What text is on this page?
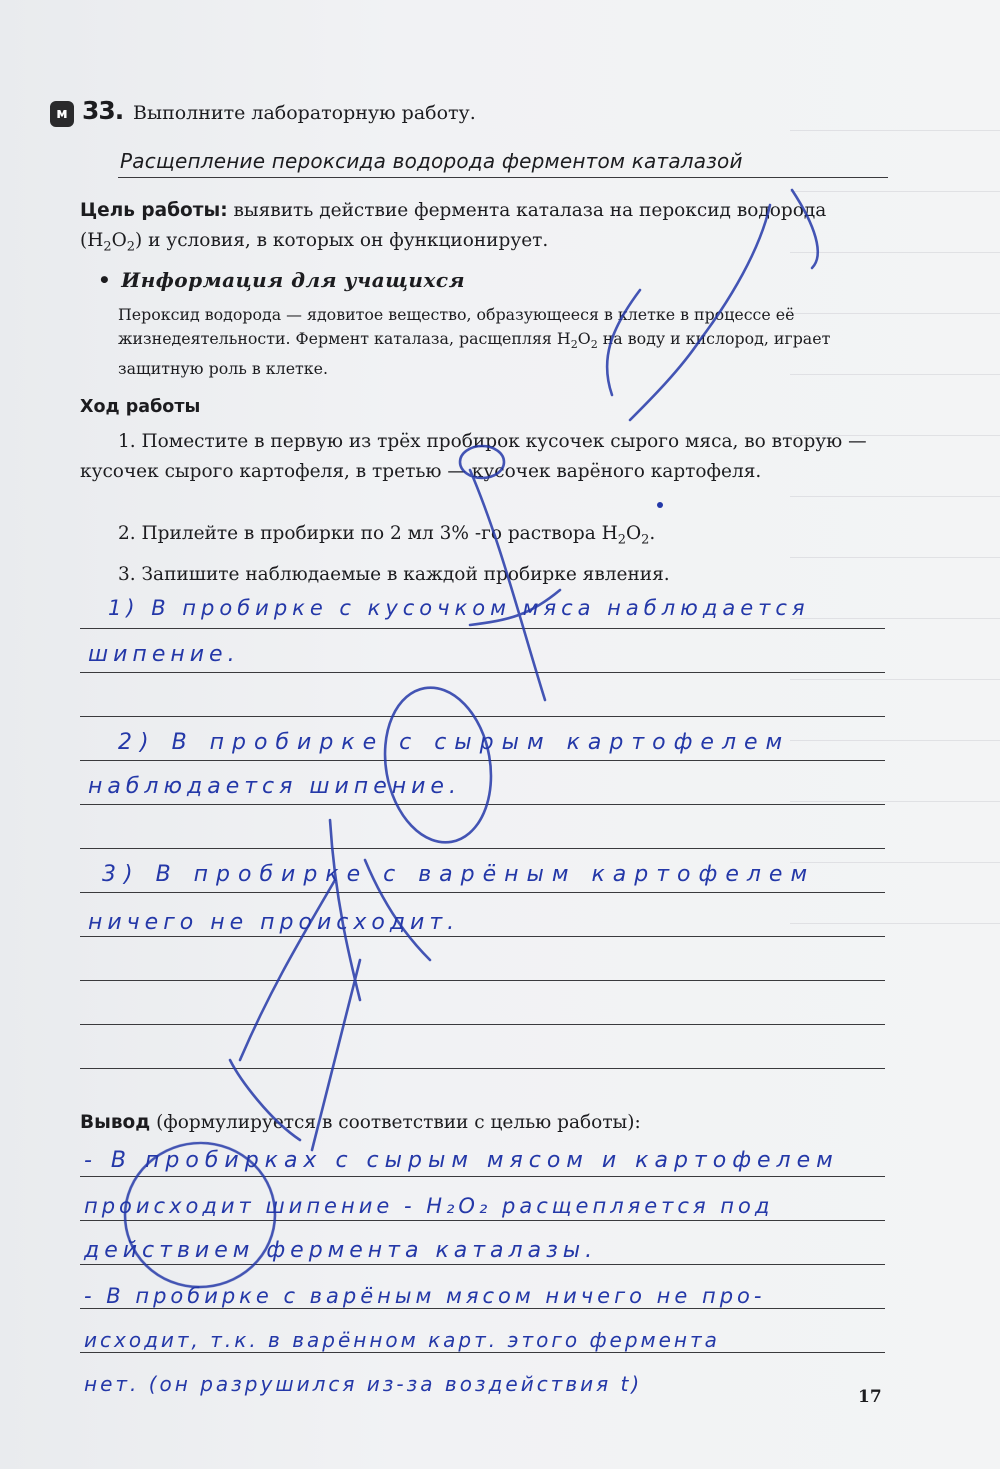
м 33. Выполните лабораторную работу.
Расщепление пероксида водорода ферментом каталазой
Цель работы: выявить действие фермента каталаза на пероксид водорода $(H_2O_2)$ и условия, в которых он функционирует.
• Информация для учащихся
Пероксид водорода — ядовитое вещество, образующееся в клетке в процессе её жизнедеятельности. Фермент каталаза, расщепляя $H_2O_2$ на воду и кислород, играет защитную роль в клетке.
Ход работы
1. Поместите в первую из трёх пробирок кусочек сырого мяса, во вторую — кусочек сырого картофеля, в третью — кусочек варёного картофеля.
2. Прилейте в пробирки по 2 мл 3% -го раствора $H_2O_2$.
3. Запишите наблюдаемые в каждой пробирке явления.
1) В пробирке с кусочком мяса наблюдается
шипение.
2) В пробирке с сырым картофелем
наблюдается шипение.
3) В пробирке с варёным картофелем
ничего не происходит.
Вывод (формулируется в соответствии с целью работы):
- В пробирках с сырым мясом и картофелем
происходит шипение - H₂O₂ расщепляется под
действием фермента каталазы.
- В пробирке с варёным мясом ничего не про-
исходит, т.к. в варённом карт. этого фермента
нет. (он разрушился из-за воздействия t)
17
